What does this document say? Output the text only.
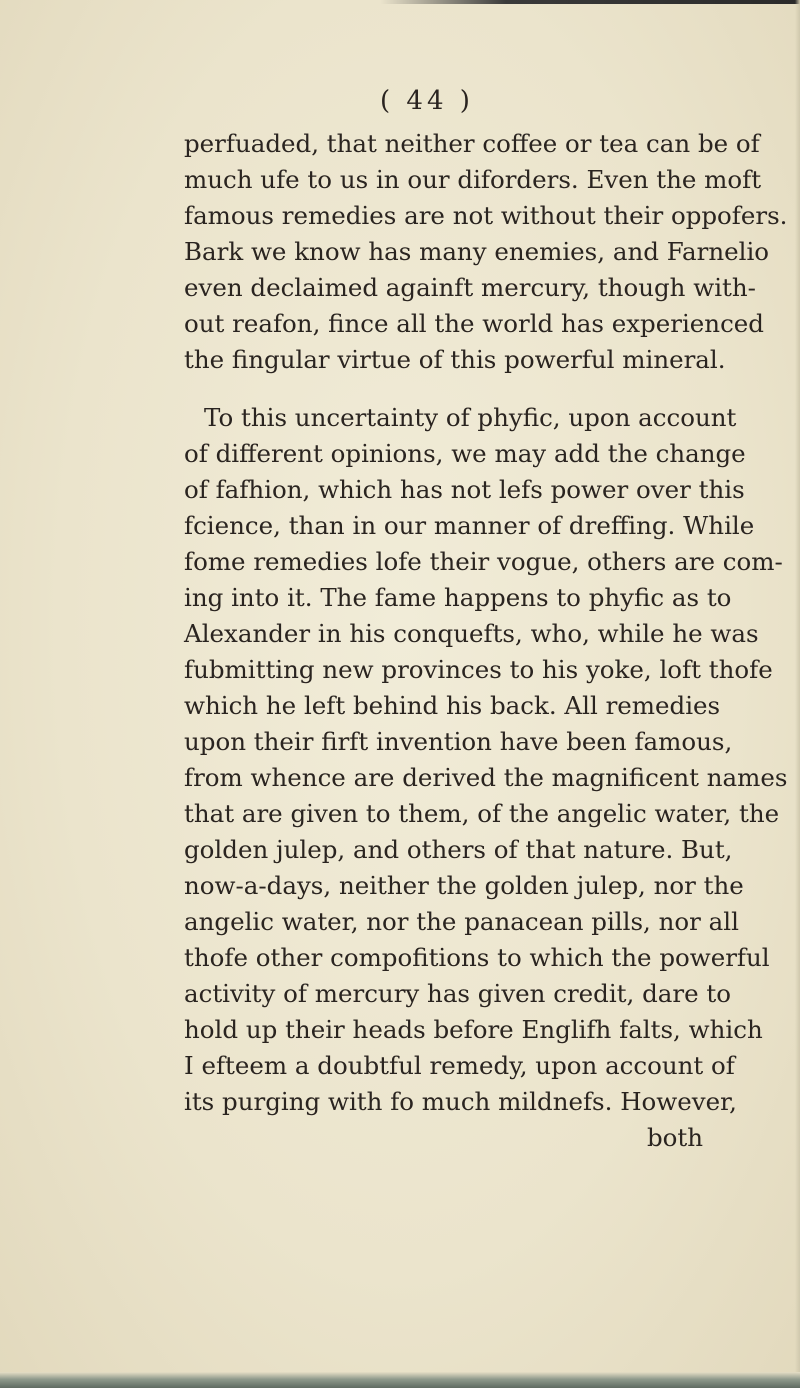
( 44 )
perfuaded, that neither coffee or tea can be of
much ufe to us in our diforders. Even the moft
famous remedies are not without their oppofers.
Bark we know has many enemies, and Farnelio
even declaimed againft mercury, though with-
out reafon, fince all the world has experienced
the fingular virtue of this powerful mineral.
To this uncertainty of phyfic, upon account
of different opinions, we may add the change
of fafhion, which has not lefs power over this
fcience, than in our manner of dreffing. While
fome remedies lofe their vogue, others are com-
ing into it. The fame happens to phyfic as to
Alexander in his conquefts, who, while he was
fubmitting new provinces to his yoke, loft thofe
which he left behind his back. All remedies
upon their firft invention have been famous,
from whence are derived the magnificent names
that are given to them, of the angelic water, the
golden julep, and others of that nature. But,
now-a-days, neither the golden julep, nor the
angelic water, nor the panacean pills, nor all
thofe other compofitions to which the powerful
activity of mercury has given credit, dare to
hold up their heads before Englifh falts, which
I efteem a doubtful remedy, upon account of
its purging with fo much mildnefs. However,
both
